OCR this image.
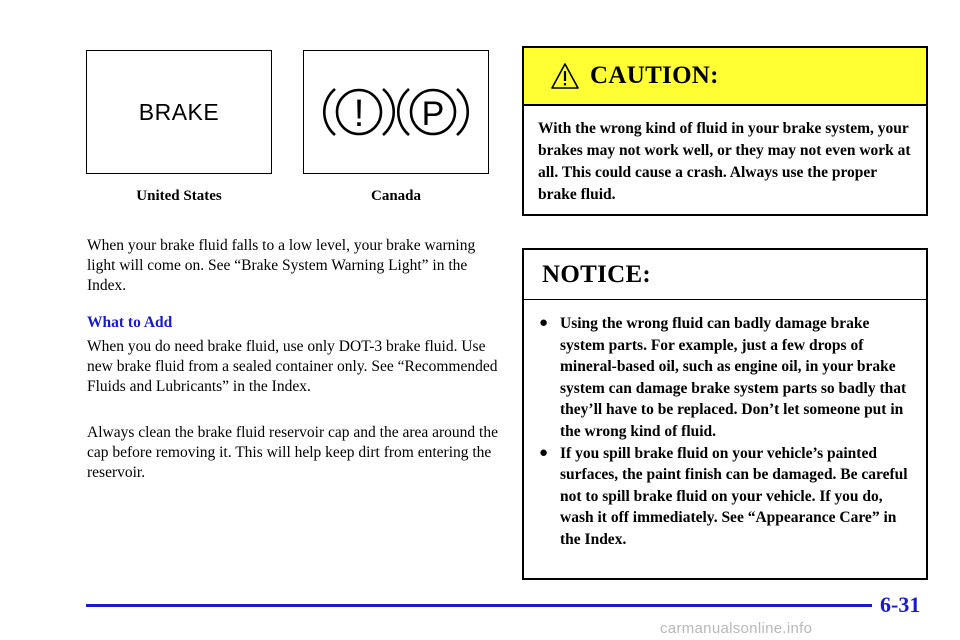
BRAKE
United States
! P
Canada

When your brake fluid falls to a low level, your brake warning light will come on. See “Brake System Warning Light” in the Index.

What to Add

When you do need brake fluid, use only DOT-3 brake fluid. Use new brake fluid from a sealed container only. See “Recommended Fluids and Lubricants” in the Index.

Always clean the brake fluid reservoir cap and the area around the cap before removing it. This will help keep dirt from entering the reservoir.

CAUTION:

With the wrong kind of fluid in your brake system, your brakes may not work well, or they may not even work at all. This could cause a crash. Always use the proper brake fluid.

NOTICE:

● Using the wrong fluid can badly damage brake system parts. For example, just a few drops of mineral-based oil, such as engine oil, in your brake system can damage brake system parts so badly that they’ll have to be replaced. Don’t let someone put in the wrong kind of fluid.

● If you spill brake fluid on your vehicle’s painted surfaces, the paint finish can be damaged. Be careful not to spill brake fluid on your vehicle. If you do, wash it off immediately. See “Appearance Care” in the Index.

6-31
carmanualsonline.info
